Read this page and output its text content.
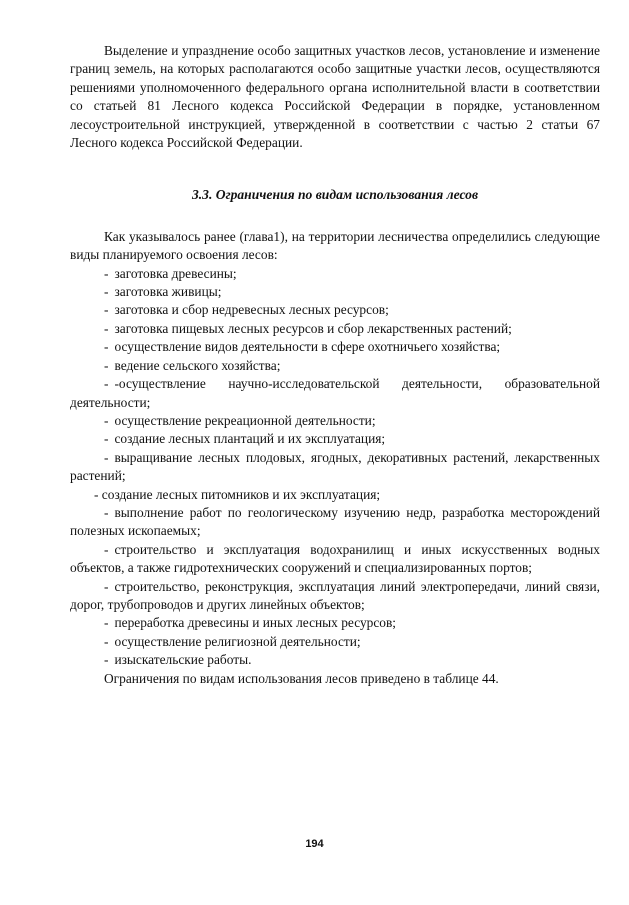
Выделение и упразднение особо защитных участков лесов, установление и изменение границ земель, на которых располагаются особо защитные участки лесов, осуществляются решениями уполномоченного федерального органа исполнительной власти в соответствии со статьей 81 Лесного кодекса Российской Федерации в порядке, установленном лесоустроительной инструкцией, утвержденной в соответствии с частью 2 статьи 67 Лесного кодекса Российской Федерации.

3.3. Ограничения по видам использования лесов

Как указывалось ранее (глава1), на территории лесничества определились следующие виды планируемого освоения лесов:

- заготовка древесины;
- заготовка живицы;
- заготовка и сбор недревесных лесных ресурсов;
- заготовка пищевых лесных ресурсов и сбор лекарственных растений;
- осуществление видов деятельности в сфере охотничьего хозяйства;
- ведение сельского хозяйства;
- -осуществление научно-исследовательской деятельности, образовательной деятельности;
- осуществление рекреационной деятельности;
- создание лесных плантаций и их эксплуатация;
- выращивание лесных плодовых, ягодных, декоративных растений, лекарственных растений;
- создание лесных питомников и их эксплуатация;
- выполнение работ по геологическому изучению недр, разработка месторождений полезных ископаемых;
- строительство и эксплуатация водохранилищ и иных искусственных водных объектов, а также гидротехнических сооружений и специализированных портов;
- строительство, реконструкция, эксплуатация линий электропередачи, линий связи, дорог, трубопроводов и других линейных объектов;
- переработка древесины и иных лесных ресурсов;
- осуществление религиозной деятельности;
- изыскательские работы.

Ограничения по видам использования лесов приведено в таблице 44.

194
